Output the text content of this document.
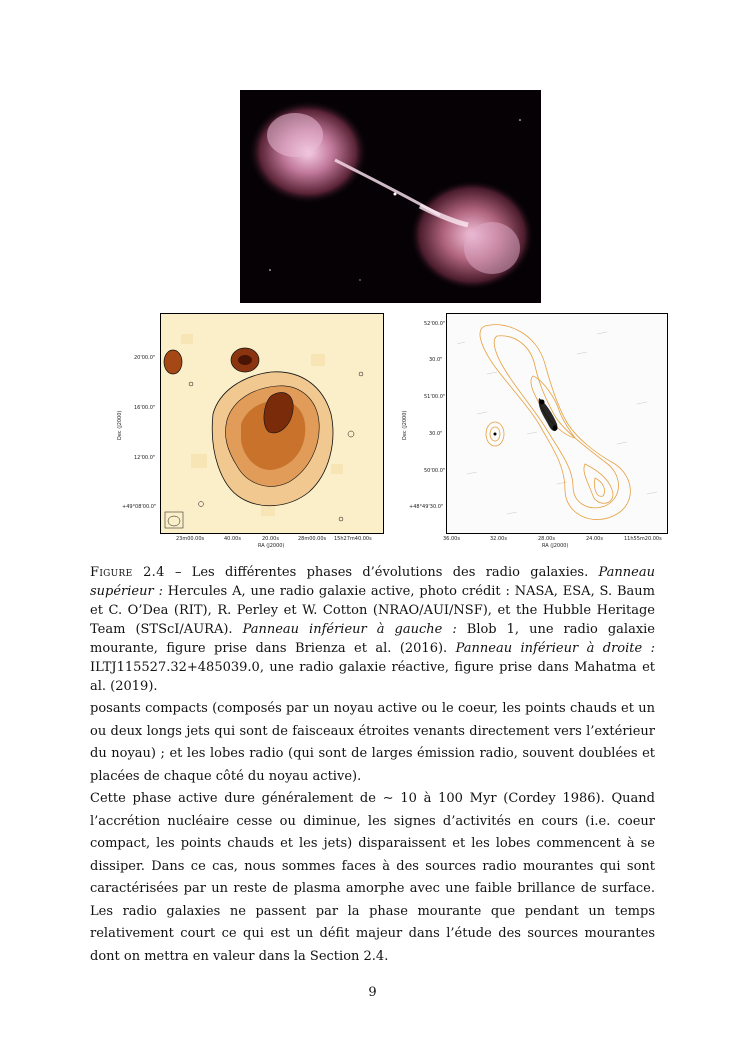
20'00.0"
16'00.0"
12'00.0"
+49°08'00.0"
Dec (J2000)
23m00.00s	40.00s	20.00s	28m00.00s 15h27m40.00s
RA (J2000)
52'00.0"
30.0"
51'00.0"
30.0"
50'00.0"
+48°49'30.0"
Dec (J2000)
36.00s	32.00s	28.00s	24.00s	11h55m20.00s
RA (J2000)
Figure 2.4 – Les différentes phases d’évolutions des radio galaxies. Panneau supérieur : Hercules A, une radio galaxie active, photo crédit : NASA, ESA, S. Baum et C. O’Dea (RIT), R. Perley et W. Cotton (NRAO/AUI/NSF), et the Hubble Heritage Team (STScI/AURA). Panneau inférieur à gauche : Blob 1, une radio galaxie mourante, figure prise dans Brienza et al. (2016). Panneau inférieur à droite : ILTJ115527.32+485039.0, une radio galaxie réactive, figure prise dans Mahatma et al. (2019).

posants compacts (composés par un noyau active ou le coeur, les points chauds et un ou deux longs jets qui sont de faisceaux étroites venants directement vers l’extérieur du noyau) ; et les lobes radio (qui sont de larges émission radio, souvent doublées et placées de chaque côté du noyau active).

Cette phase active dure généralement de ∼ 10 à 100 Myr (Cordey 1986). Quand l’accrétion nucléaire cesse ou diminue, les signes d’activités en cours (i.e. coeur compact, les points chauds et les jets) disparaissent et les lobes commencent à se dissiper. Dans ce cas, nous sommes faces à des sources radio mourantes qui sont caractérisées par un reste de plasma amorphe avec une faible brillance de surface. Les radio galaxies ne passent par la phase mourante que pendant un temps relativement court ce qui est un défit majeur dans l’étude des sources mourantes dont on mettra en valeur dans la Section 2.4.

9
